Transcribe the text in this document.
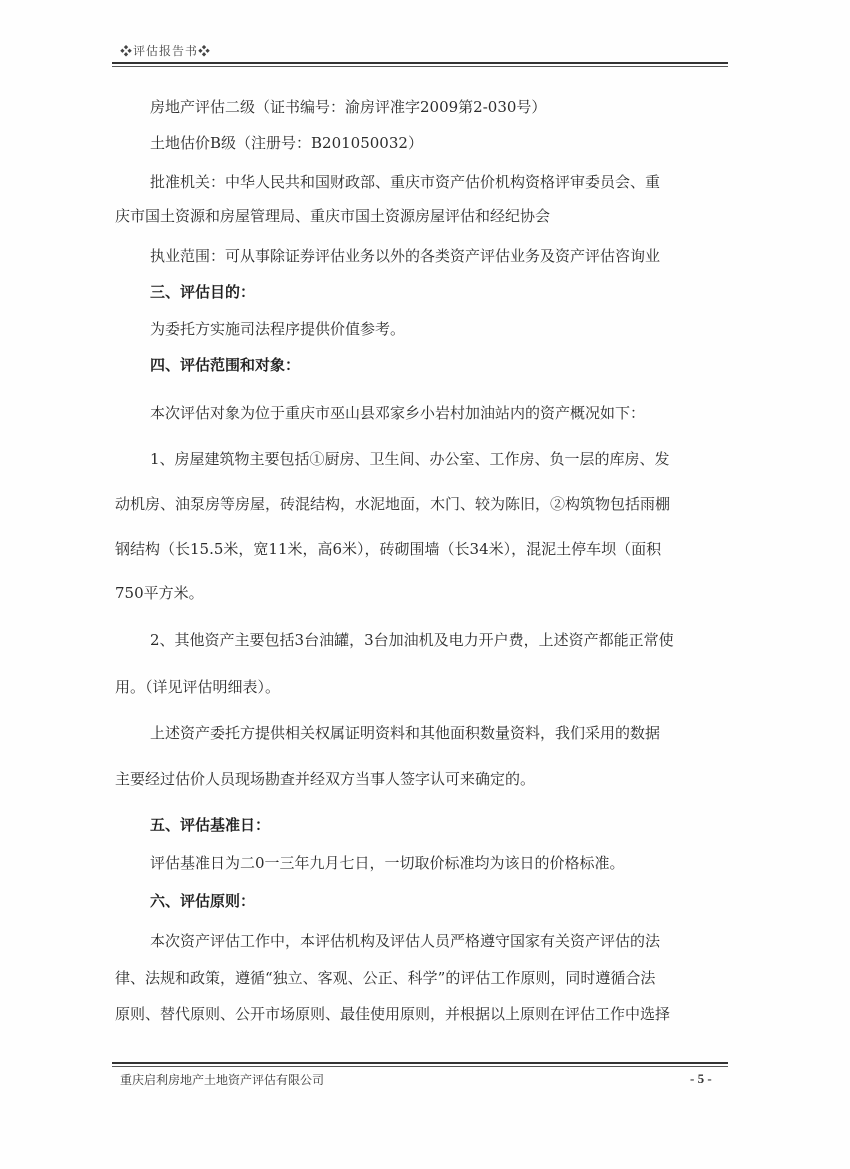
❖评估报告书❖
房地产评估二级（证书编号：渝房评准字2009第2-030号）
土地估价B级（注册号：B201050032）
批准机关：中华人民共和国财政部、重庆市资产估价机构资格评审委员会、重
庆市国土资源和房屋管理局、重庆市国土资源房屋评估和经纪协会
执业范围：可从事除证券评估业务以外的各类资产评估业务及资产评估咨询业
三、评估目的：
为委托方实施司法程序提供价值参考。
四、评估范围和对象：
本次评估对象为位于重庆市巫山县邓家乡小岩村加油站内的资产概况如下：
1、房屋建筑物主要包括①厨房、卫生间、办公室、工作房、负一层的库房、发
动机房、油泵房等房屋，砖混结构，水泥地面，木门、较为陈旧，②构筑物包括雨棚
钢结构（长15.5米，宽11米，高6米），砖砌围墙（长34米），混泥土停车坝（面积
750平方米。
2、其他资产主要包括3台油罐，3台加油机及电力开户费，上述资产都能正常使
用。（详见评估明细表）。
上述资产委托方提供相关权属证明资料和其他面积数量资料，我们采用的数据
主要经过估价人员现场勘查并经双方当事人签字认可来确定的。
五、评估基准日：
评估基准日为二0一三年九月七日，一切取价标准均为该日的价格标准。
六、评估原则：
本次资产评估工作中，本评估机构及评估人员严格遵守国家有关资产评估的法
律、法规和政策，遵循“独立、客观、公正、科学”的评估工作原则，同时遵循合法
原则、替代原则、公开市场原则、最佳使用原则，并根据以上原则在评估工作中选择
重庆启利房地产土地资产评估有限公司	- 5 -
